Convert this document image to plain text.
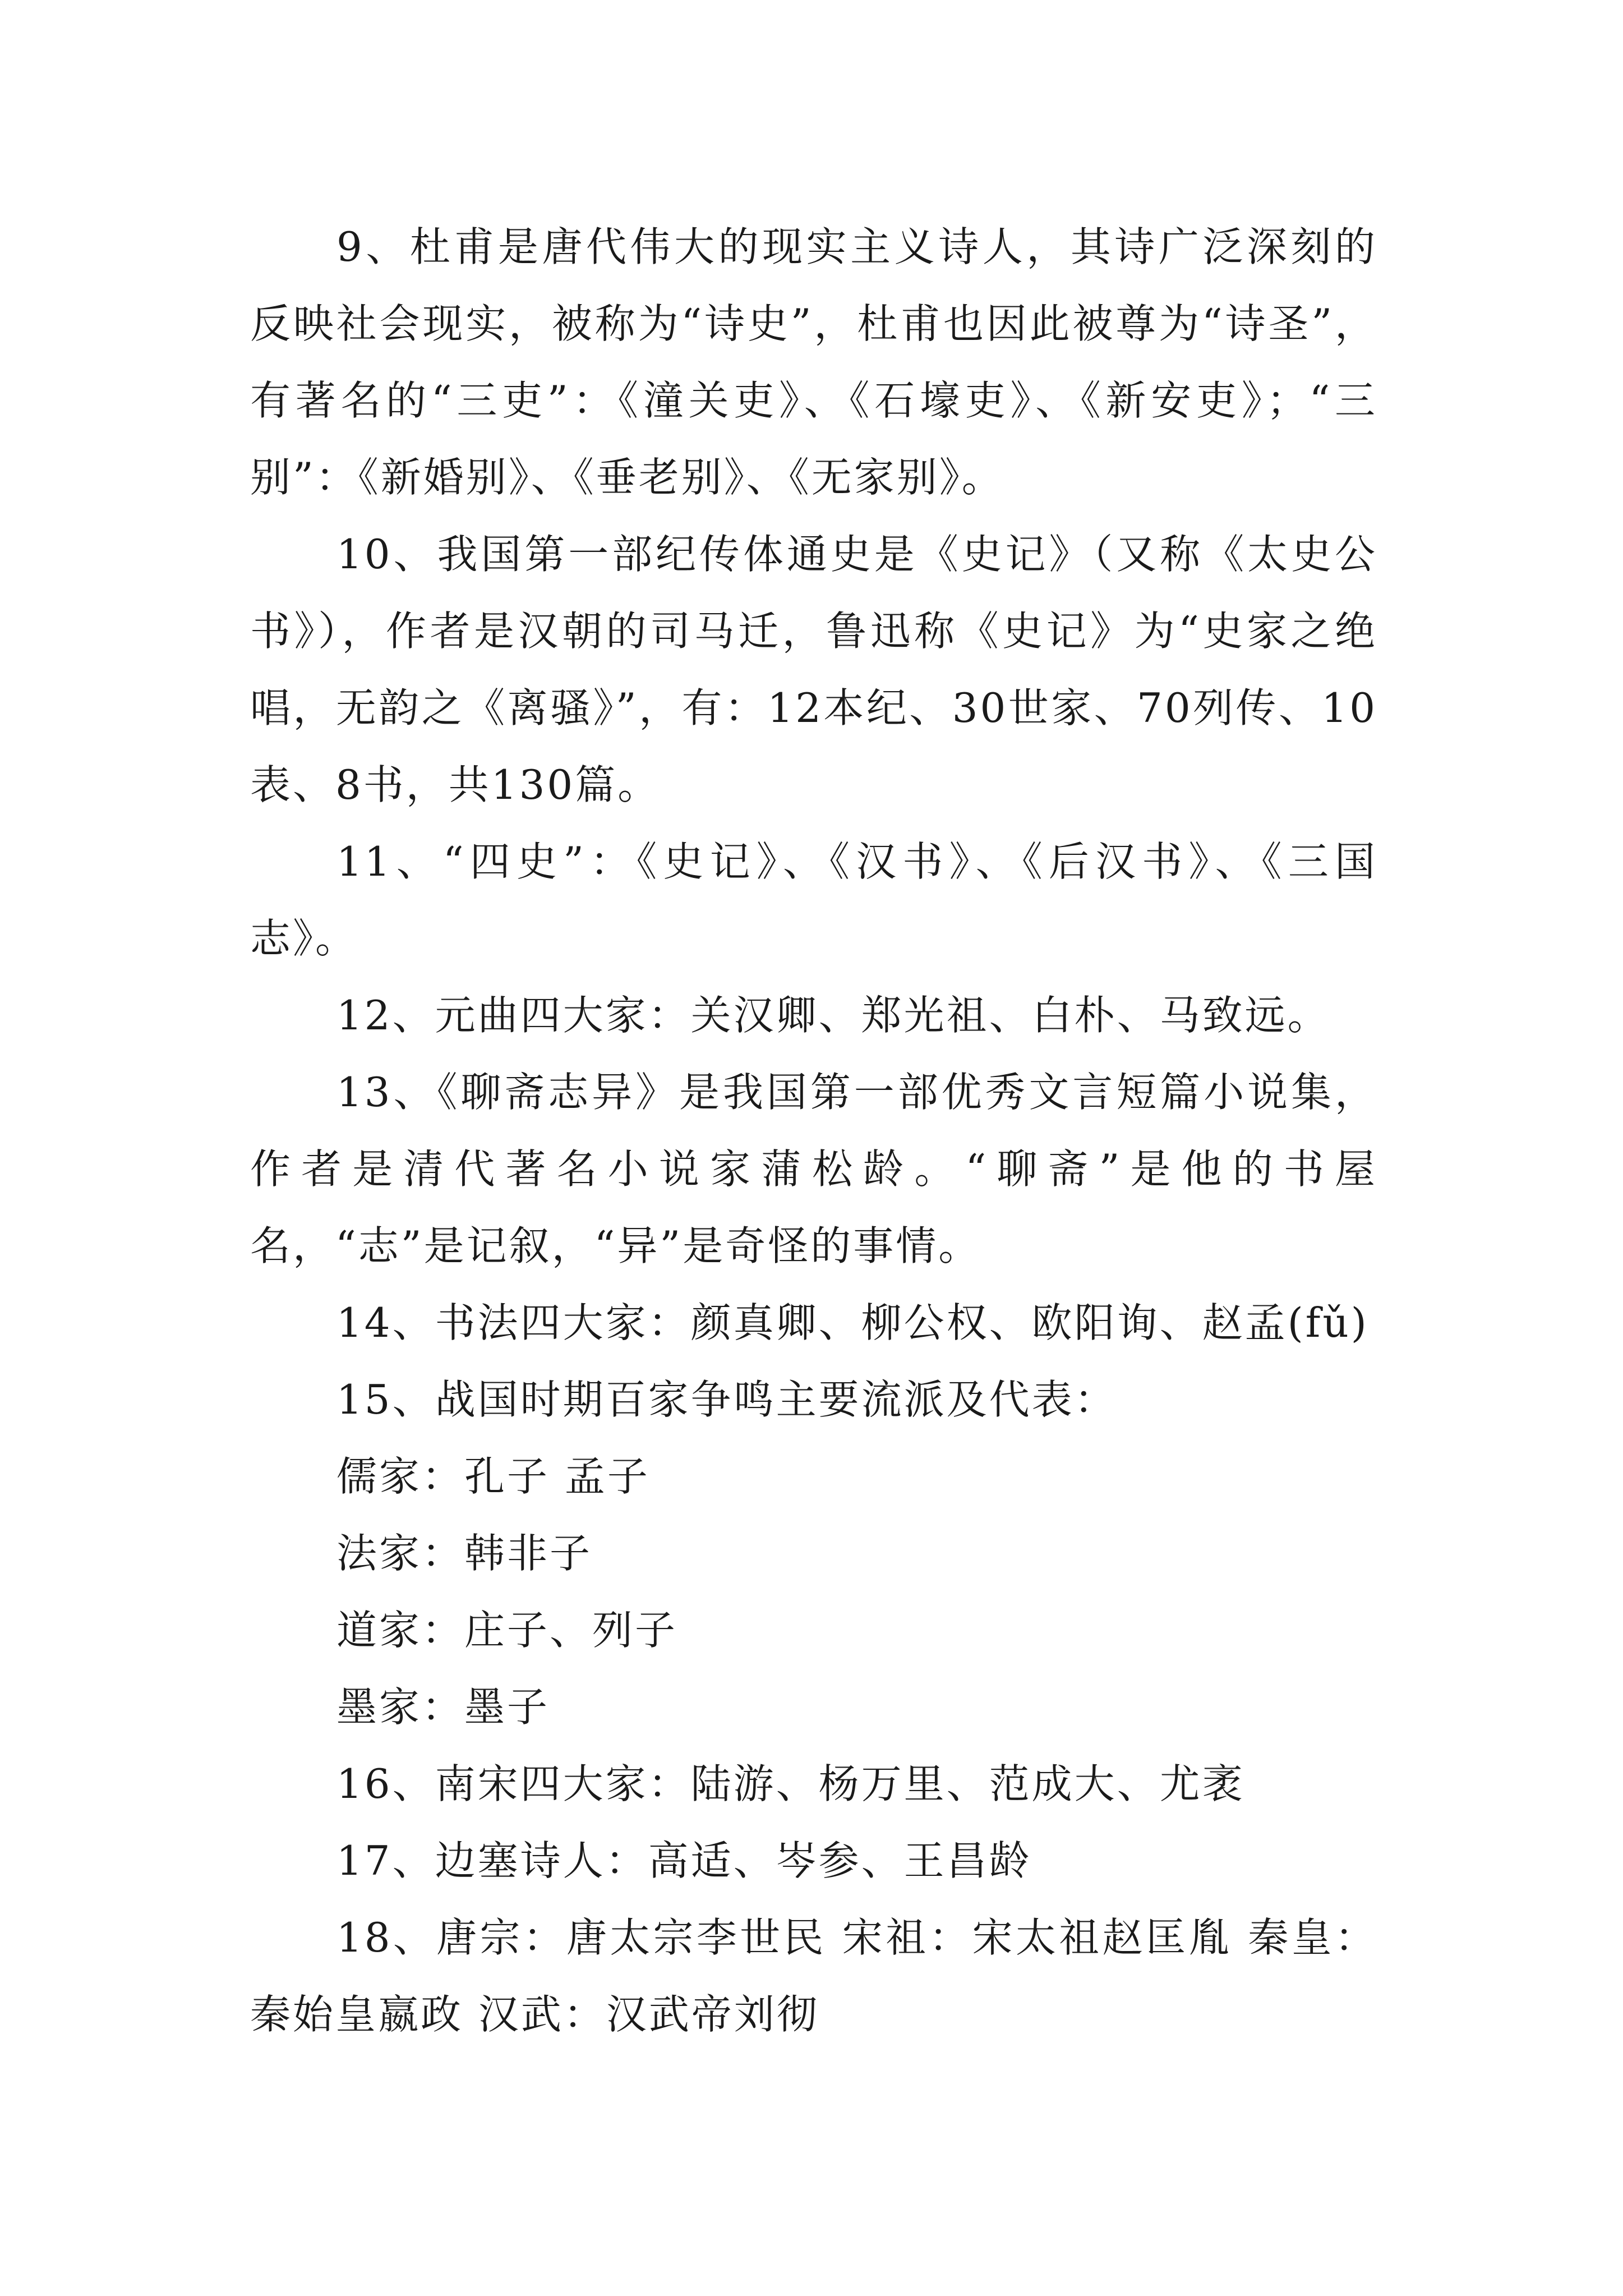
9、杜甫是唐代伟大的现实主义诗人，其诗广泛深刻的反映社会现实，被称为“诗史”，杜甫也因此被尊为“诗圣”，有著名的“三吏”：《潼关吏》、《石壕吏》、《新安吏》；“三别”：《新婚别》、《垂老别》、《无家别》。

10、我国第一部纪传体通史是《史记》（又称《太史公书》），作者是汉朝的司马迁，鲁迅称《史记》为“史家之绝唱，无韵之《离骚》”，有：12本纪、30世家、70列传、10表、8书，共130篇。

11、“四史”：《史记》、《汉书》、《后汉书》、《三国志》。

12、元曲四大家：关汉卿、郑光祖、白朴、马致远。

13、《聊斋志异》是我国第一部优秀文言短篇小说集，作者是清代著名小说家蒲松龄。“聊斋”是他的书屋名，“志”是记叙，“异”是奇怪的事情。

14、书法四大家：颜真卿、柳公权、欧阳询、赵孟(fǔ)

15、战国时期百家争鸣主要流派及代表：

儒家：孔子 孟子

法家：韩非子

道家：庄子、列子

墨家：墨子

16、南宋四大家：陆游、杨万里、范成大、尤袤

17、边塞诗人：高适、岑参、王昌龄

18、唐宗：唐太宗李世民 宋祖：宋太祖赵匡胤 秦皇：秦始皇嬴政 汉武：汉武帝刘彻
